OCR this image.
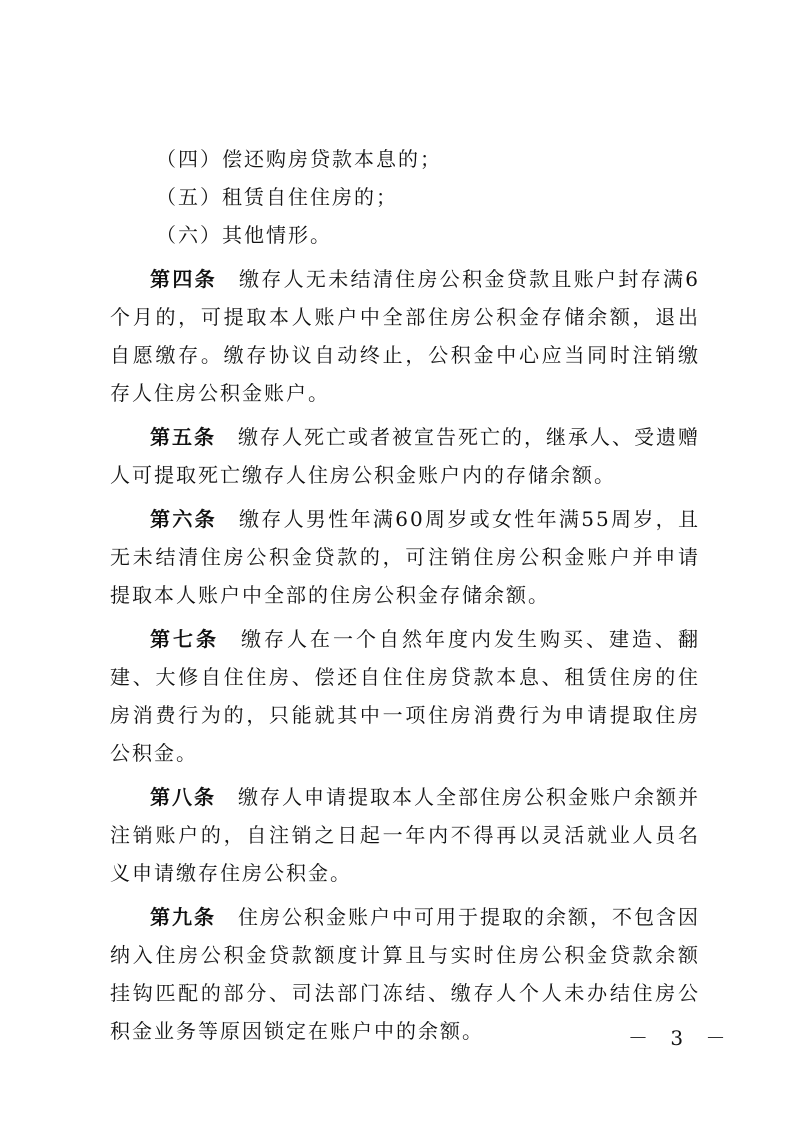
（四）偿还购房贷款本息的；

（五）租赁自住住房的；

（六）其他情形。

第四条 缴存人无未结清住房公积金贷款且账户封存满6个月的，可提取本人账户中全部住房公积金存储余额，退出自愿缴存。缴存协议自动终止，公积金中心应当同时注销缴存人住房公积金账户。

第五条 缴存人死亡或者被宣告死亡的，继承人、受遗赠人可提取死亡缴存人住房公积金账户内的存储余额。

第六条 缴存人男性年满60周岁或女性年满55周岁，且无未结清住房公积金贷款的，可注销住房公积金账户并申请提取本人账户中全部的住房公积金存储余额。

第七条 缴存人在一个自然年度内发生购买、建造、翻建、大修自住住房、偿还自住住房贷款本息、租赁住房的住房消费行为的，只能就其中一项住房消费行为申请提取住房公积金。

第八条 缴存人申请提取本人全部住房公积金账户余额并注销账户的，自注销之日起一年内不得再以灵活就业人员名义申请缴存住房公积金。

第九条 住房公积金账户中可用于提取的余额，不包含因纳入住房公积金贷款额度计算且与实时住房公积金贷款余额挂钩匹配的部分、司法部门冻结、缴存人个人未办结住房公积金业务等原因锁定在账户中的余额。	－ 3 －
